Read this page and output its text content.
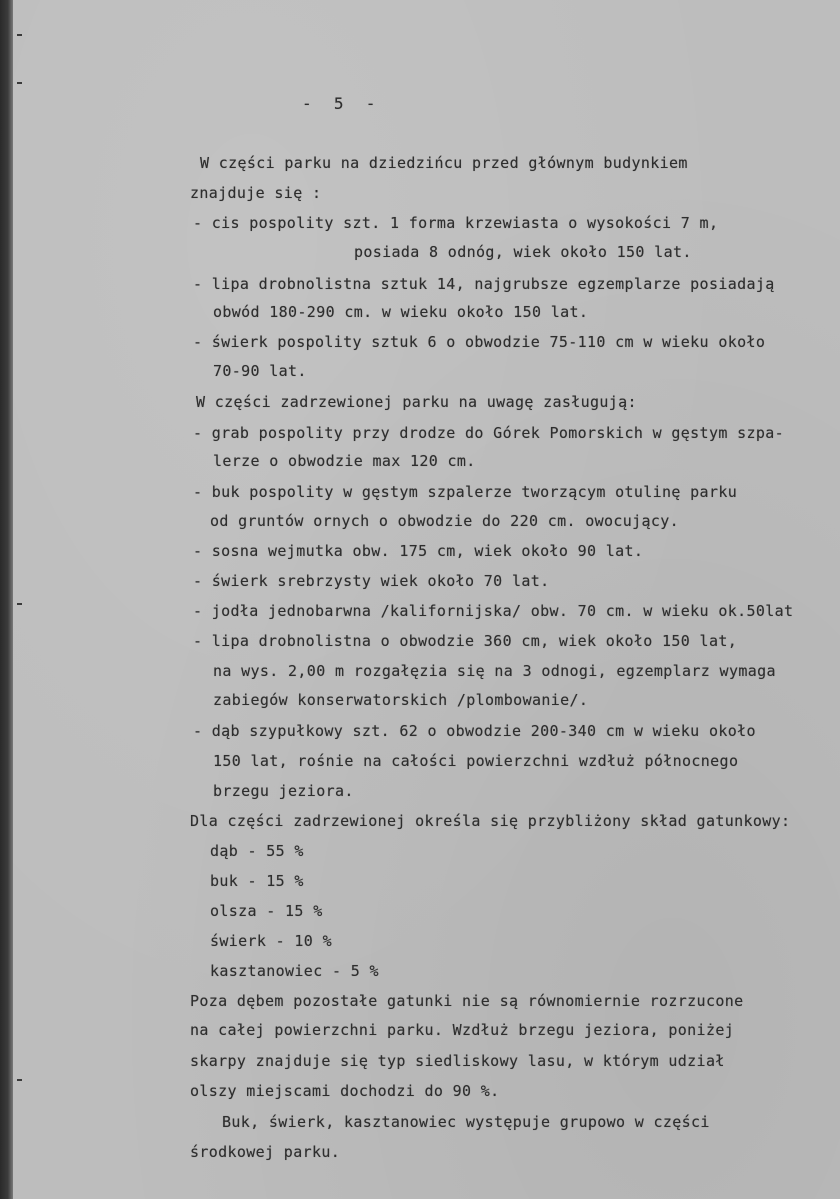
-  5  -
W części parku na dziedzińcu przed głównym budynkiem
znajduje się :
- cis pospolity szt. 1 forma krzewiasta o wysokości 7 m,
posiada 8 odnóg, wiek około 150 lat.
- lipa drobnolistna sztuk 14, najgrubsze egzemplarze posiadają
obwód 180-290 cm. w wieku około 150 lat.
- świerk pospolity sztuk 6 o obwodzie 75-110 cm w wieku około
70-90 lat.
W części zadrzewionej parku na uwagę zasługują:
- grab pospolity przy drodze do Górek Pomorskich w gęstym szpa-
lerze o obwodzie max 120 cm.
- buk pospolity w gęstym szpalerze tworzącym otulinę parku
od gruntów ornych o obwodzie do 220 cm. owocujący.
- sosna wejmutka obw. 175 cm, wiek około 90 lat.
- świerk srebrzysty wiek około 70 lat.
- jodła jednobarwna /kalifornijska/ obw. 70 cm. w wieku ok.50lat
- lipa drobnolistna o obwodzie 360 cm, wiek około 150 lat,
na wys. 2,00 m rozgałęzia się na 3 odnogi, egzemplarz wymaga
zabiegów konserwatorskich /plombowanie/.
- dąb szypułkowy szt. 62 o obwodzie 200-340 cm w wieku około
150 lat, rośnie na całości powierzchni wzdłuż północnego
brzegu jeziora.
Dla części zadrzewionej określa się przybliżony skład gatunkowy:
dąb - 55 %
buk - 15 %
olsza - 15 %
świerk - 10 %
kasztanowiec - 5 %
Poza dębem pozostałe gatunki nie są równomiernie rozrzucone
na całej powierzchni parku. Wzdłuż brzegu jeziora, poniżej
skarpy znajduje się typ siedliskowy lasu, w którym udział
olszy miejscami dochodzi do 90 %.
Buk, świerk, kasztanowiec występuje grupowo w części
środkowej parku.
